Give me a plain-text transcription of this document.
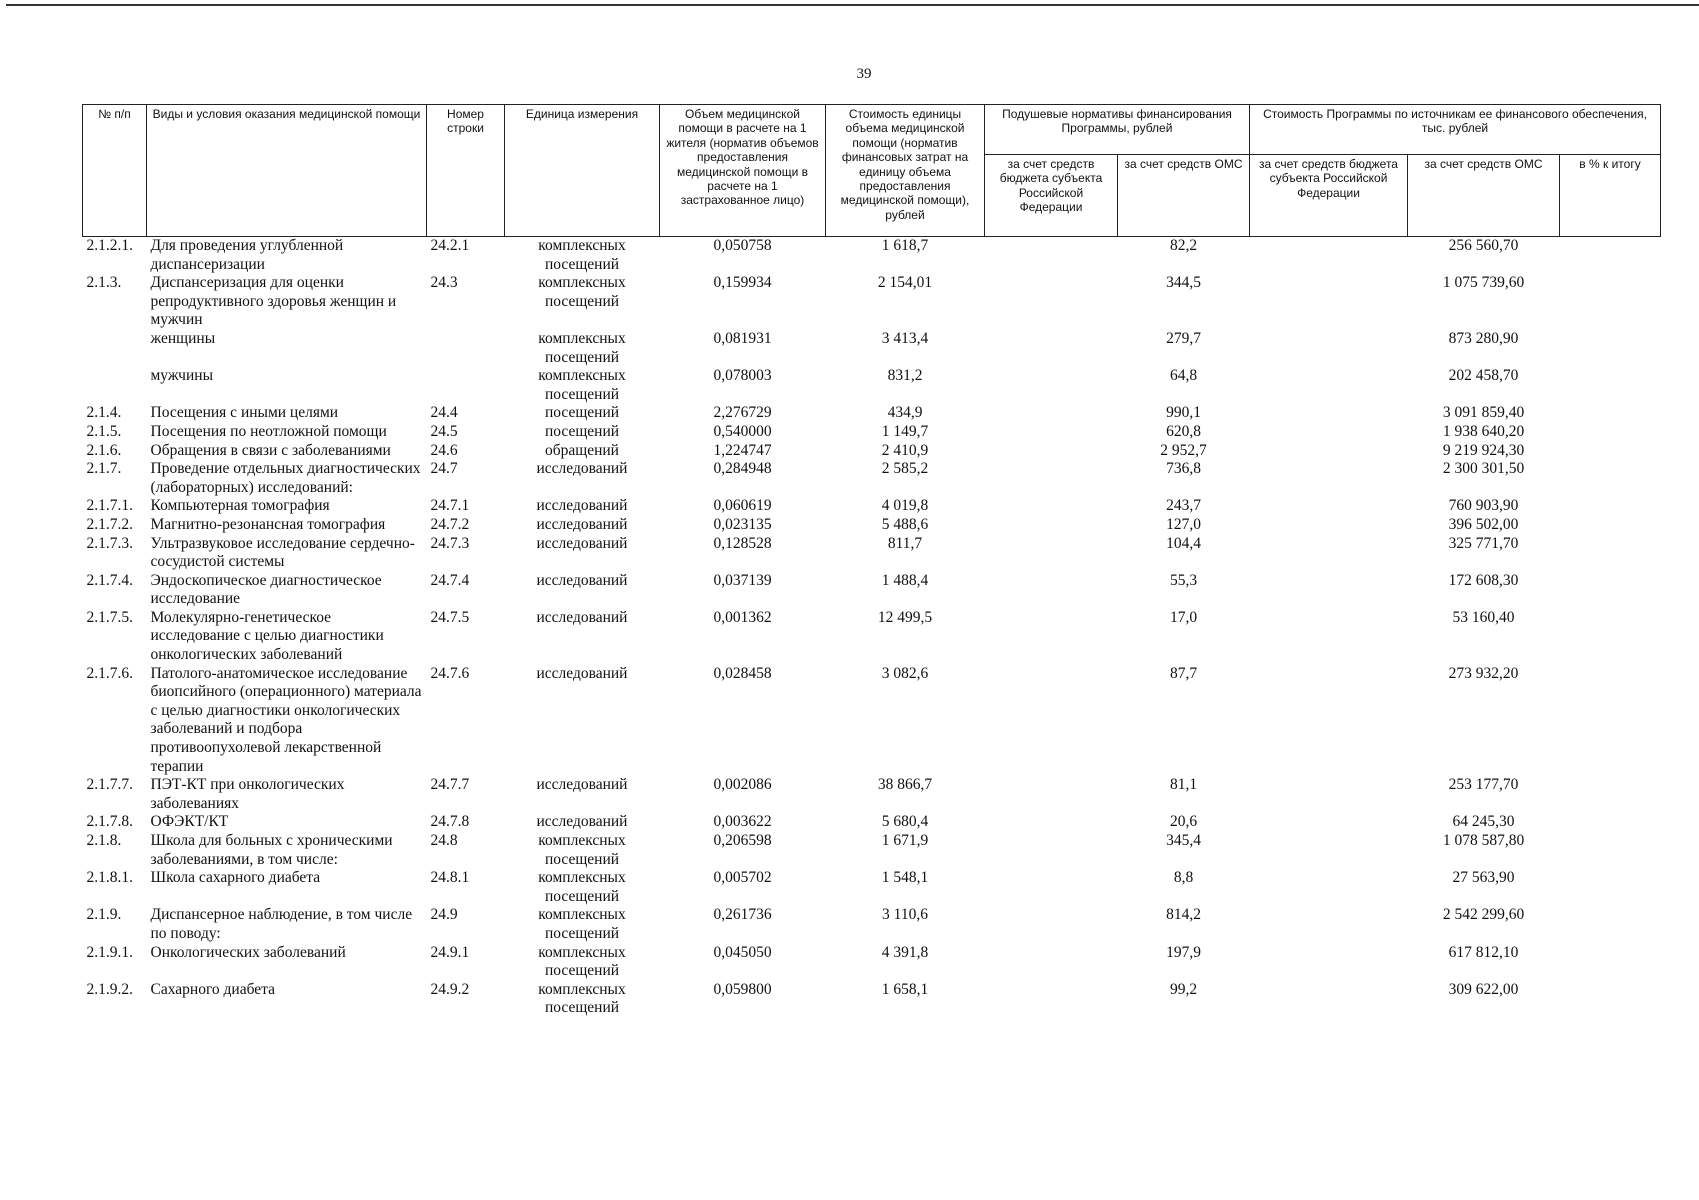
39
№ п/п	Виды и условия оказания медицинской помощи	Номер строки	Единица измерения	Объем медицинской помощи в расчете на 1 жителя (норматив объемов предоставления медицинской помощи в расчете на 1 застрахованное лицо)	Стоимость единицы объема медицинской помощи (норматив финансовых затрат на единицу объема предоставления медицинской помощи), рублей	Подушевые нормативы финансирования Программы, рублей		Стоимость Программы по источникам ее финансового обеспечения, тыс. рублей		
						за счет средств бюджета субъекта Российской Федерации	за счет средств ОМС	за счет средств бюджета субъекта Российской Федерации	за счет средств ОМС	в % к итогу
2.1.2.1.	Для проведения углубленной диспансеризации	24.2.1	комплексных посещений	0,050758	1 618,7		82,2		256 560,70	
2.1.3.	Диспансеризация для оценки репродуктивного здоровья женщин и мужчин	24.3	комплексных посещений	0,159934	2 154,01		344,5		1 075 739,60	
	женщины		комплексных посещений	0,081931	3 413,4		279,7		873 280,90	
	мужчины		комплексных посещений	0,078003	831,2		64,8		202 458,70	
2.1.4.	Посещения с иными целями	24.4	посещений	2,276729	434,9		990,1		3 091 859,40	
2.1.5.	Посещения по неотложной помощи	24.5	посещений	0,540000	1 149,7		620,8		1 938 640,20	
2.1.6.	Обращения в связи с заболеваниями	24.6	обращений	1,224747	2 410,9		2 952,7		9 219 924,30	
2.1.7.	Проведение отдельных диагностических (лабораторных) исследований:	24.7	исследований	0,284948	2 585,2		736,8		2 300 301,50	
2.1.7.1.	Компьютерная томография	24.7.1	исследований	0,060619	4 019,8		243,7		760 903,90	
2.1.7.2.	Магнитно-резонансная томография	24.7.2	исследований	0,023135	5 488,6		127,0		396 502,00	
2.1.7.3.	Ультразвуковое исследование сердечно-сосудистой системы	24.7.3	исследований	0,128528	811,7		104,4		325 771,70	
2.1.7.4.	Эндоскопическое диагностическое исследование	24.7.4	исследований	0,037139	1 488,4		55,3		172 608,30	
2.1.7.5.	Молекулярно-генетическое исследование с целью диагностики онкологических заболеваний	24.7.5	исследований	0,001362	12 499,5		17,0		53 160,40	
2.1.7.6.	Патолого-анатомическое исследование биопсийного (операционного) материала с целью диагностики онкологических заболеваний и подбора противоопухолевой лекарственной терапии	24.7.6	исследований	0,028458	3 082,6		87,7		273 932,20	
2.1.7.7.	ПЭТ-КТ при онкологических заболеваниях	24.7.7	исследований	0,002086	38 866,7		81,1		253 177,70	
2.1.7.8.	ОФЭКТ/КТ	24.7.8	исследований	0,003622	5 680,4		20,6		64 245,30	
2.1.8.	Школа для больных с хроническими заболеваниями, в том числе:	24.8	комплексных посещений	0,206598	1 671,9		345,4		1 078 587,80	
2.1.8.1.	Школа сахарного диабета	24.8.1	комплексных посещений	0,005702	1 548,1		8,8		27 563,90	
2.1.9.	Диспансерное наблюдение, в том числе по поводу:	24.9	комплексных посещений	0,261736	3 110,6		814,2		2 542 299,60	
2.1.9.1.	Онкологических заболеваний	24.9.1	комплексных посещений	0,045050	4 391,8		197,9		617 812,10	
2.1.9.2.	Сахарного диабета	24.9.2	комплексных посещений	0,059800	1 658,1		99,2		309 622,00	
